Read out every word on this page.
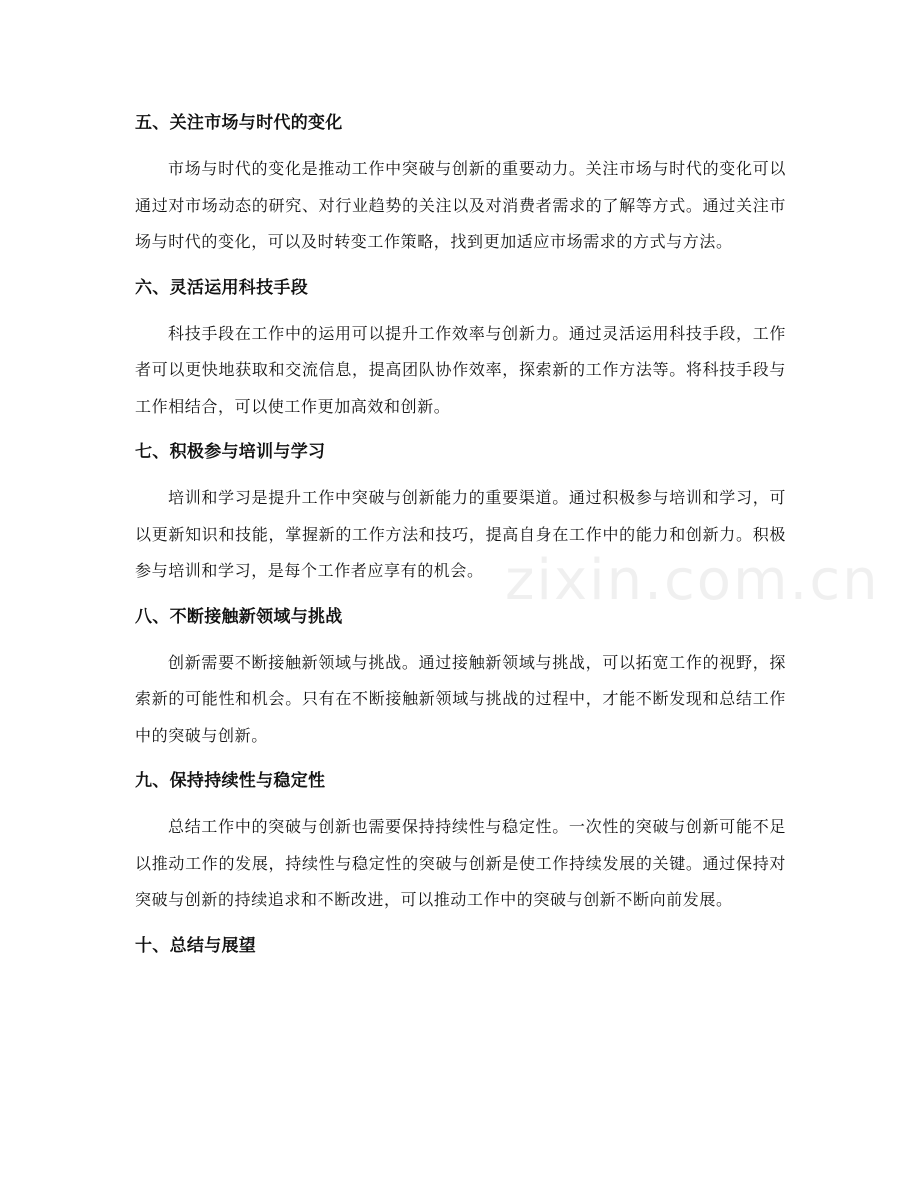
zixin.com.cn
五、关注市场与时代的变化

市场与时代的变化是推动工作中突破与创新的重要动力。关注市场与时代的变化可以通过对市场动态的研究、对行业趋势的关注以及对消费者需求的了解等方式。通过关注市场与时代的变化，可以及时转变工作策略，找到更加适应市场需求的方式与方法。

六、灵活运用科技手段

科技手段在工作中的运用可以提升工作效率与创新力。通过灵活运用科技手段，工作者可以更快地获取和交流信息，提高团队协作效率，探索新的工作方法等。将科技手段与工作相结合，可以使工作更加高效和创新。

七、积极参与培训与学习

培训和学习是提升工作中突破与创新能力的重要渠道。通过积极参与培训和学习，可以更新知识和技能，掌握新的工作方法和技巧，提高自身在工作中的能力和创新力。积极参与培训和学习，是每个工作者应享有的机会。

八、不断接触新领域与挑战

创新需要不断接触新领域与挑战。通过接触新领域与挑战，可以拓宽工作的视野，探索新的可能性和机会。只有在不断接触新领域与挑战的过程中，才能不断发现和总结工作中的突破与创新。

九、保持持续性与稳定性

总结工作中的突破与创新也需要保持持续性与稳定性。一次性的突破与创新可能不足以推动工作的发展，持续性与稳定性的突破与创新是使工作持续发展的关键。通过保持对突破与创新的持续追求和不断改进，可以推动工作中的突破与创新不断向前发展。

十、总结与展望
